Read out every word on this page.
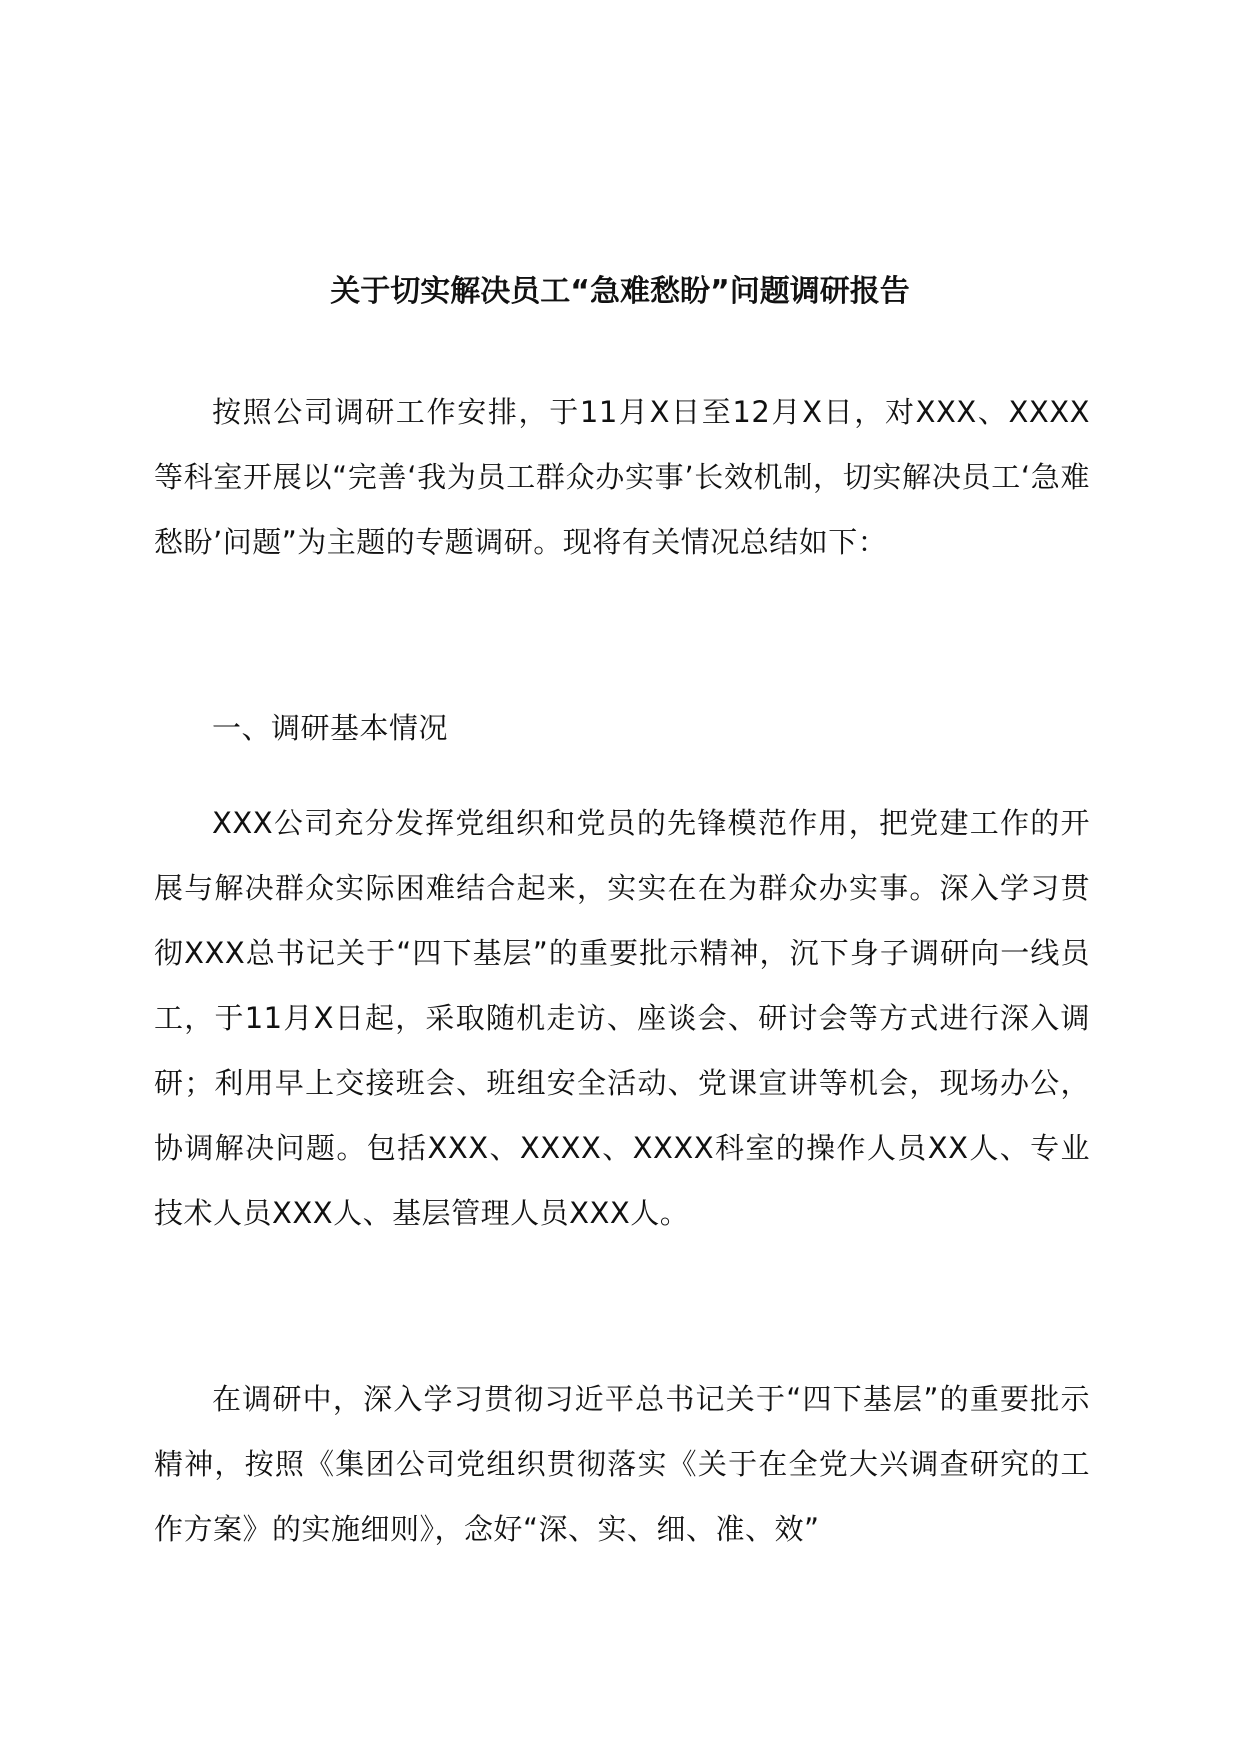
关于切实解决员工“急难愁盼”问题调研报告

按照公司调研工作安排，于11月X日至12月X日，对XXX、XXXX等科室开展以“完善‘我为员工群众办实事’长效机制，切实解决员工‘急难愁盼’问题”为主题的专题调研。现将有关情况总结如下：

一、调研基本情况

XXX公司充分发挥党组织和党员的先锋模范作用，把党建工作的开展与解决群众实际困难结合起来，实实在在为群众办实事。深入学习贯彻XXX总书记关于“四下基层”的重要批示精神，沉下身子调研向一线员工，于11月X日起，采取随机走访、座谈会、研讨会等方式进行深入调研；利用早上交接班会、班组安全活动、党课宣讲等机会，现场办公，协调解决问题。包括XXX、XXXX、XXXX科室的操作人员XX人、专业技术人员XXX人、基层管理人员XXX人。

在调研中，深入学习贯彻习近平总书记关于“四下基层”的重要批示精神，按照《集团公司党组织贯彻落实《关于在全党大兴调查研究的工作方案》的实施细则》，念好“深、实、细、准、效”
